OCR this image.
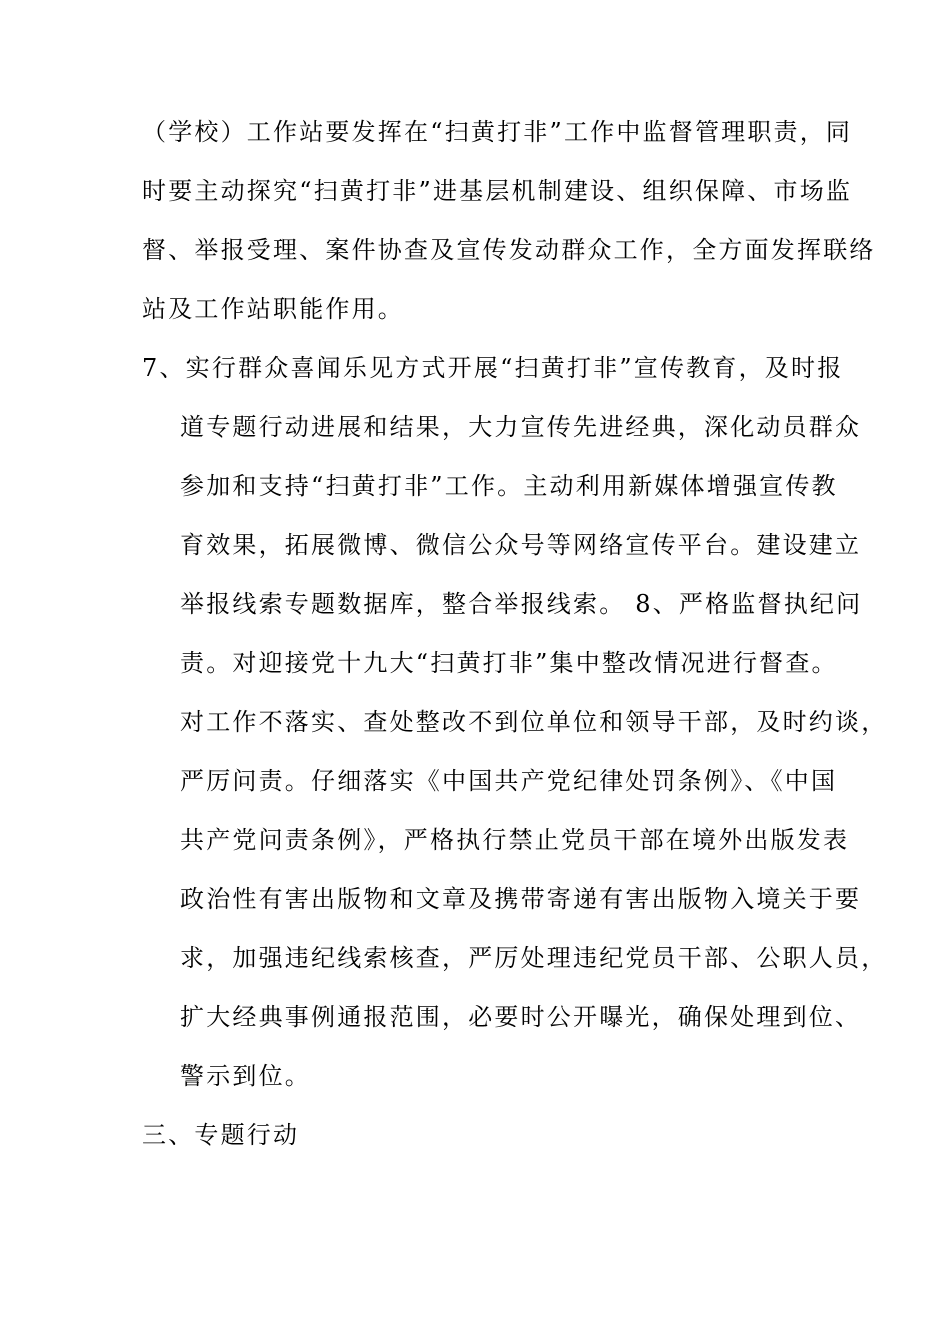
（学校）工作站要发挥在“扫黄打非”工作中监督管理职责，同
时要主动探究“扫黄打非”进基层机制建设、组织保障、市场监
督、举报受理、案件协查及宣传发动群众工作，全方面发挥联络
站及工作站职能作用。
7、实行群众喜闻乐见方式开展“扫黄打非”宣传教育，及时报
道专题行动进展和结果，大力宣传先进经典，深化动员群众
参加和支持“扫黄打非”工作。主动利用新媒体增强宣传教
育效果，拓展微博、微信公众号等网络宣传平台。建设建立
举报线索专题数据库，整合举报线索。 8、严格监督执纪问
责。对迎接党十九大“扫黄打非”集中整改情况进行督查。
对工作不落实、查处整改不到位单位和领导干部，及时约谈，
严厉问责。仔细落实《中国共产党纪律处罚条例》、《中国
共产党问责条例》，严格执行禁止党员干部在境外出版发表
政治性有害出版物和文章及携带寄递有害出版物入境关于要
求，加强违纪线索核查，严厉处理违纪党员干部、公职人员，
扩大经典事例通报范围，必要时公开曝光，确保处理到位、
警示到位。
三、专题行动
